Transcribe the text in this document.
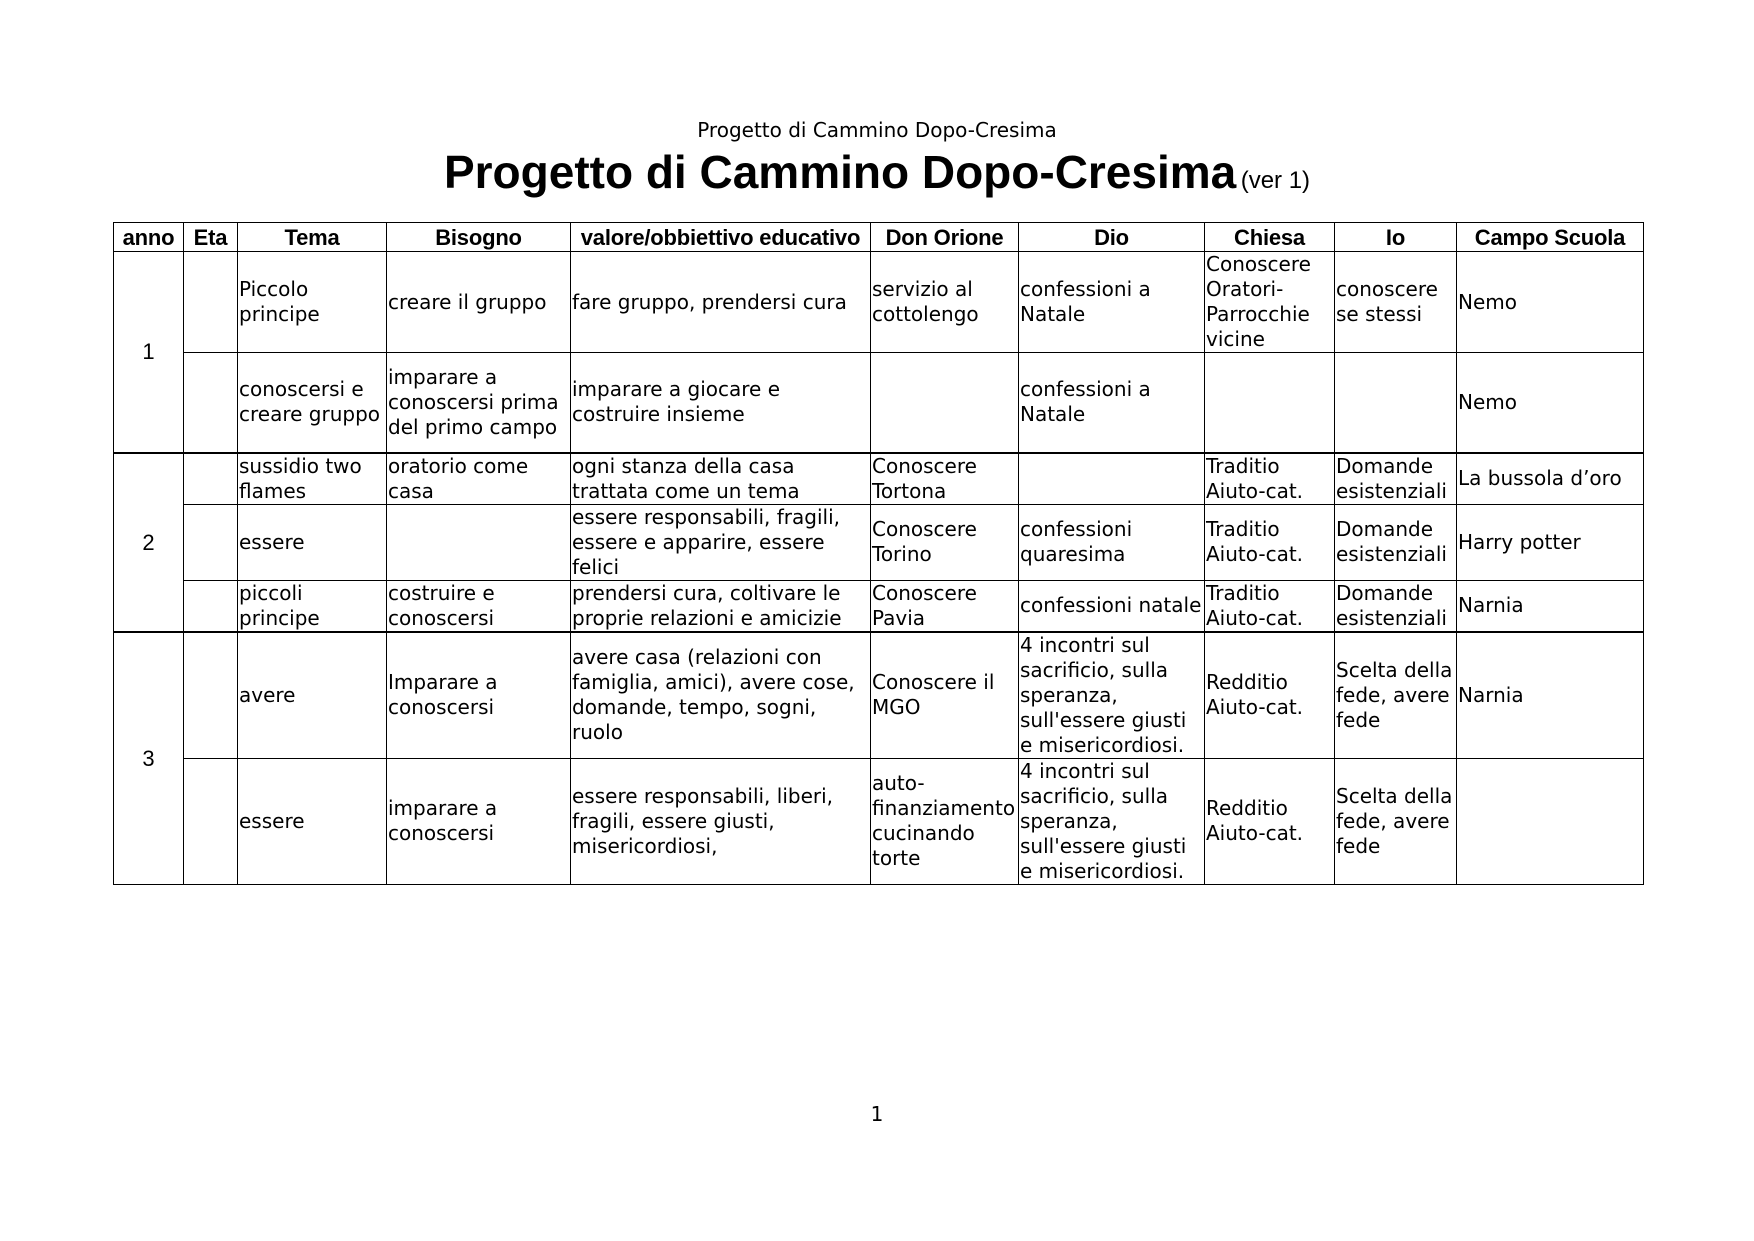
Progetto di Cammino Dopo-Cresima
Progetto di Cammino Dopo-Cresima (ver 1)
anno	Eta	Tema	Bisogno	valore/obbiettivo educativo	Don Orione	Dio	Chiesa	Io	Campo Scuola
1		Piccolo principe	creare il gruppo	fare gruppo, prendersi cura	servizio al cottolengo	confessioni a Natale	Conoscere Oratori-Parrocchie vicine	conoscere se stessi	Nemo
		conoscersi e creare gruppo	imparare a conoscersi prima del primo campo	imparare a giocare e costruire insieme		confessioni a Natale			Nemo
2		sussidio two flames	oratorio come casa	ogni stanza della casa trattata come un tema	Conoscere Tortona		Traditio Aiuto-cat.	Domande esistenziali	La bussola d’oro
		essere		essere responsabili, fragili, essere e apparire, essere felici	Conoscere Torino	confessioni quaresima	Traditio Aiuto-cat.	Domande esistenziali	Harry potter
		piccoli principe	costruire e conoscersi	prendersi cura, coltivare le proprie relazioni e amicizie	Conoscere Pavia	confessioni natale	Traditio Aiuto-cat.	Domande esistenziali	Narnia
3		avere	Imparare a conoscersi	avere casa (relazioni con famiglia, amici), avere cose, domande, tempo, sogni, ruolo	Conoscere il MGO	4 incontri sul sacrificio, sulla speranza, sull'essere giusti e misericordiosi.	Redditio Aiuto-cat.	Scelta della fede, avere fede	Narnia
		essere	imparare a conoscersi	essere responsabili, liberi, fragili, essere giusti, misericordiosi,	auto-finanziamento cucinando torte	4 incontri sul sacrificio, sulla speranza, sull'essere giusti e misericordiosi.	Redditio Aiuto-cat.	Scelta della fede, avere fede	
1
